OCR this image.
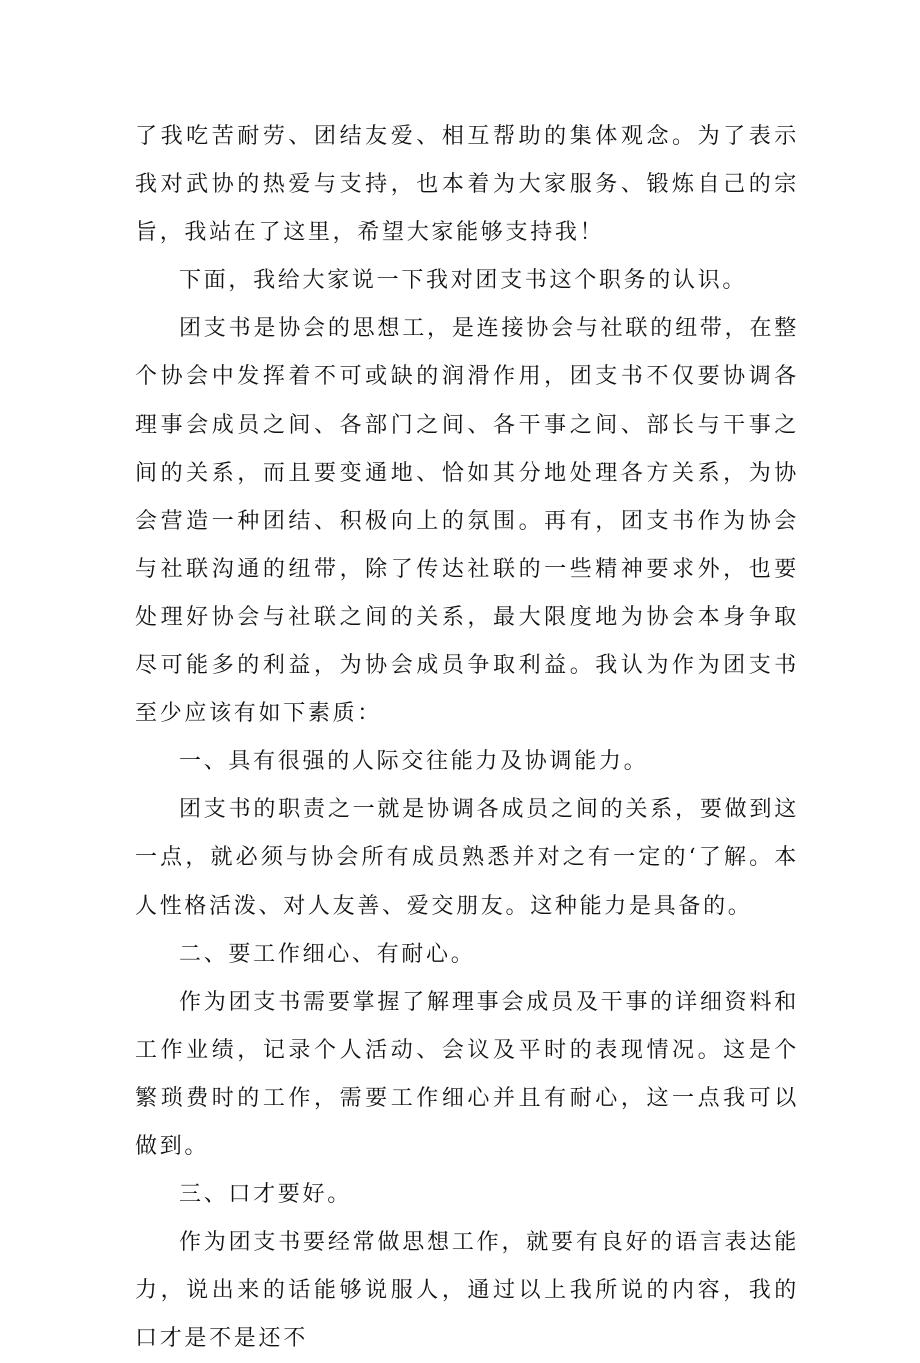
了我吃苦耐劳、团结友爱、相互帮助的集体观念。为了表示我对武协的热爱与支持，也本着为大家服务、锻炼自己的宗旨，我站在了这里，希望大家能够支持我！

下面，我给大家说一下我对团支书这个职务的认识。

团支书是协会的思想工，是连接协会与社联的纽带，在整个协会中发挥着不可或缺的润滑作用，团支书不仅要协调各理事会成员之间、各部门之间、各干事之间、部长与干事之间的关系，而且要变通地、恰如其分地处理各方关系，为协会营造一种团结、积极向上的氛围。再有，团支书作为协会与社联沟通的纽带，除了传达社联的一些精神要求外，也要处理好协会与社联之间的关系，最大限度地为协会本身争取尽可能多的利益，为协会成员争取利益。我认为作为团支书至少应该有如下素质：

一、具有很强的人际交往能力及协调能力。

团支书的职责之一就是协调各成员之间的关系，要做到这一点，就必须与协会所有成员熟悉并对之有一定的‘了解。本人性格活泼、对人友善、爱交朋友。这种能力是具备的。

二、要工作细心、有耐心。

作为团支书需要掌握了解理事会成员及干事的详细资料和工作业绩，记录个人活动、会议及平时的表现情况。这是个繁琐费时的工作，需要工作细心并且有耐心，这一点我可以做到。

三、口才要好。

作为团支书要经常做思想工作，就要有良好的语言表达能力，说出来的话能够说服人，通过以上我所说的内容，我的口才是不是还不
